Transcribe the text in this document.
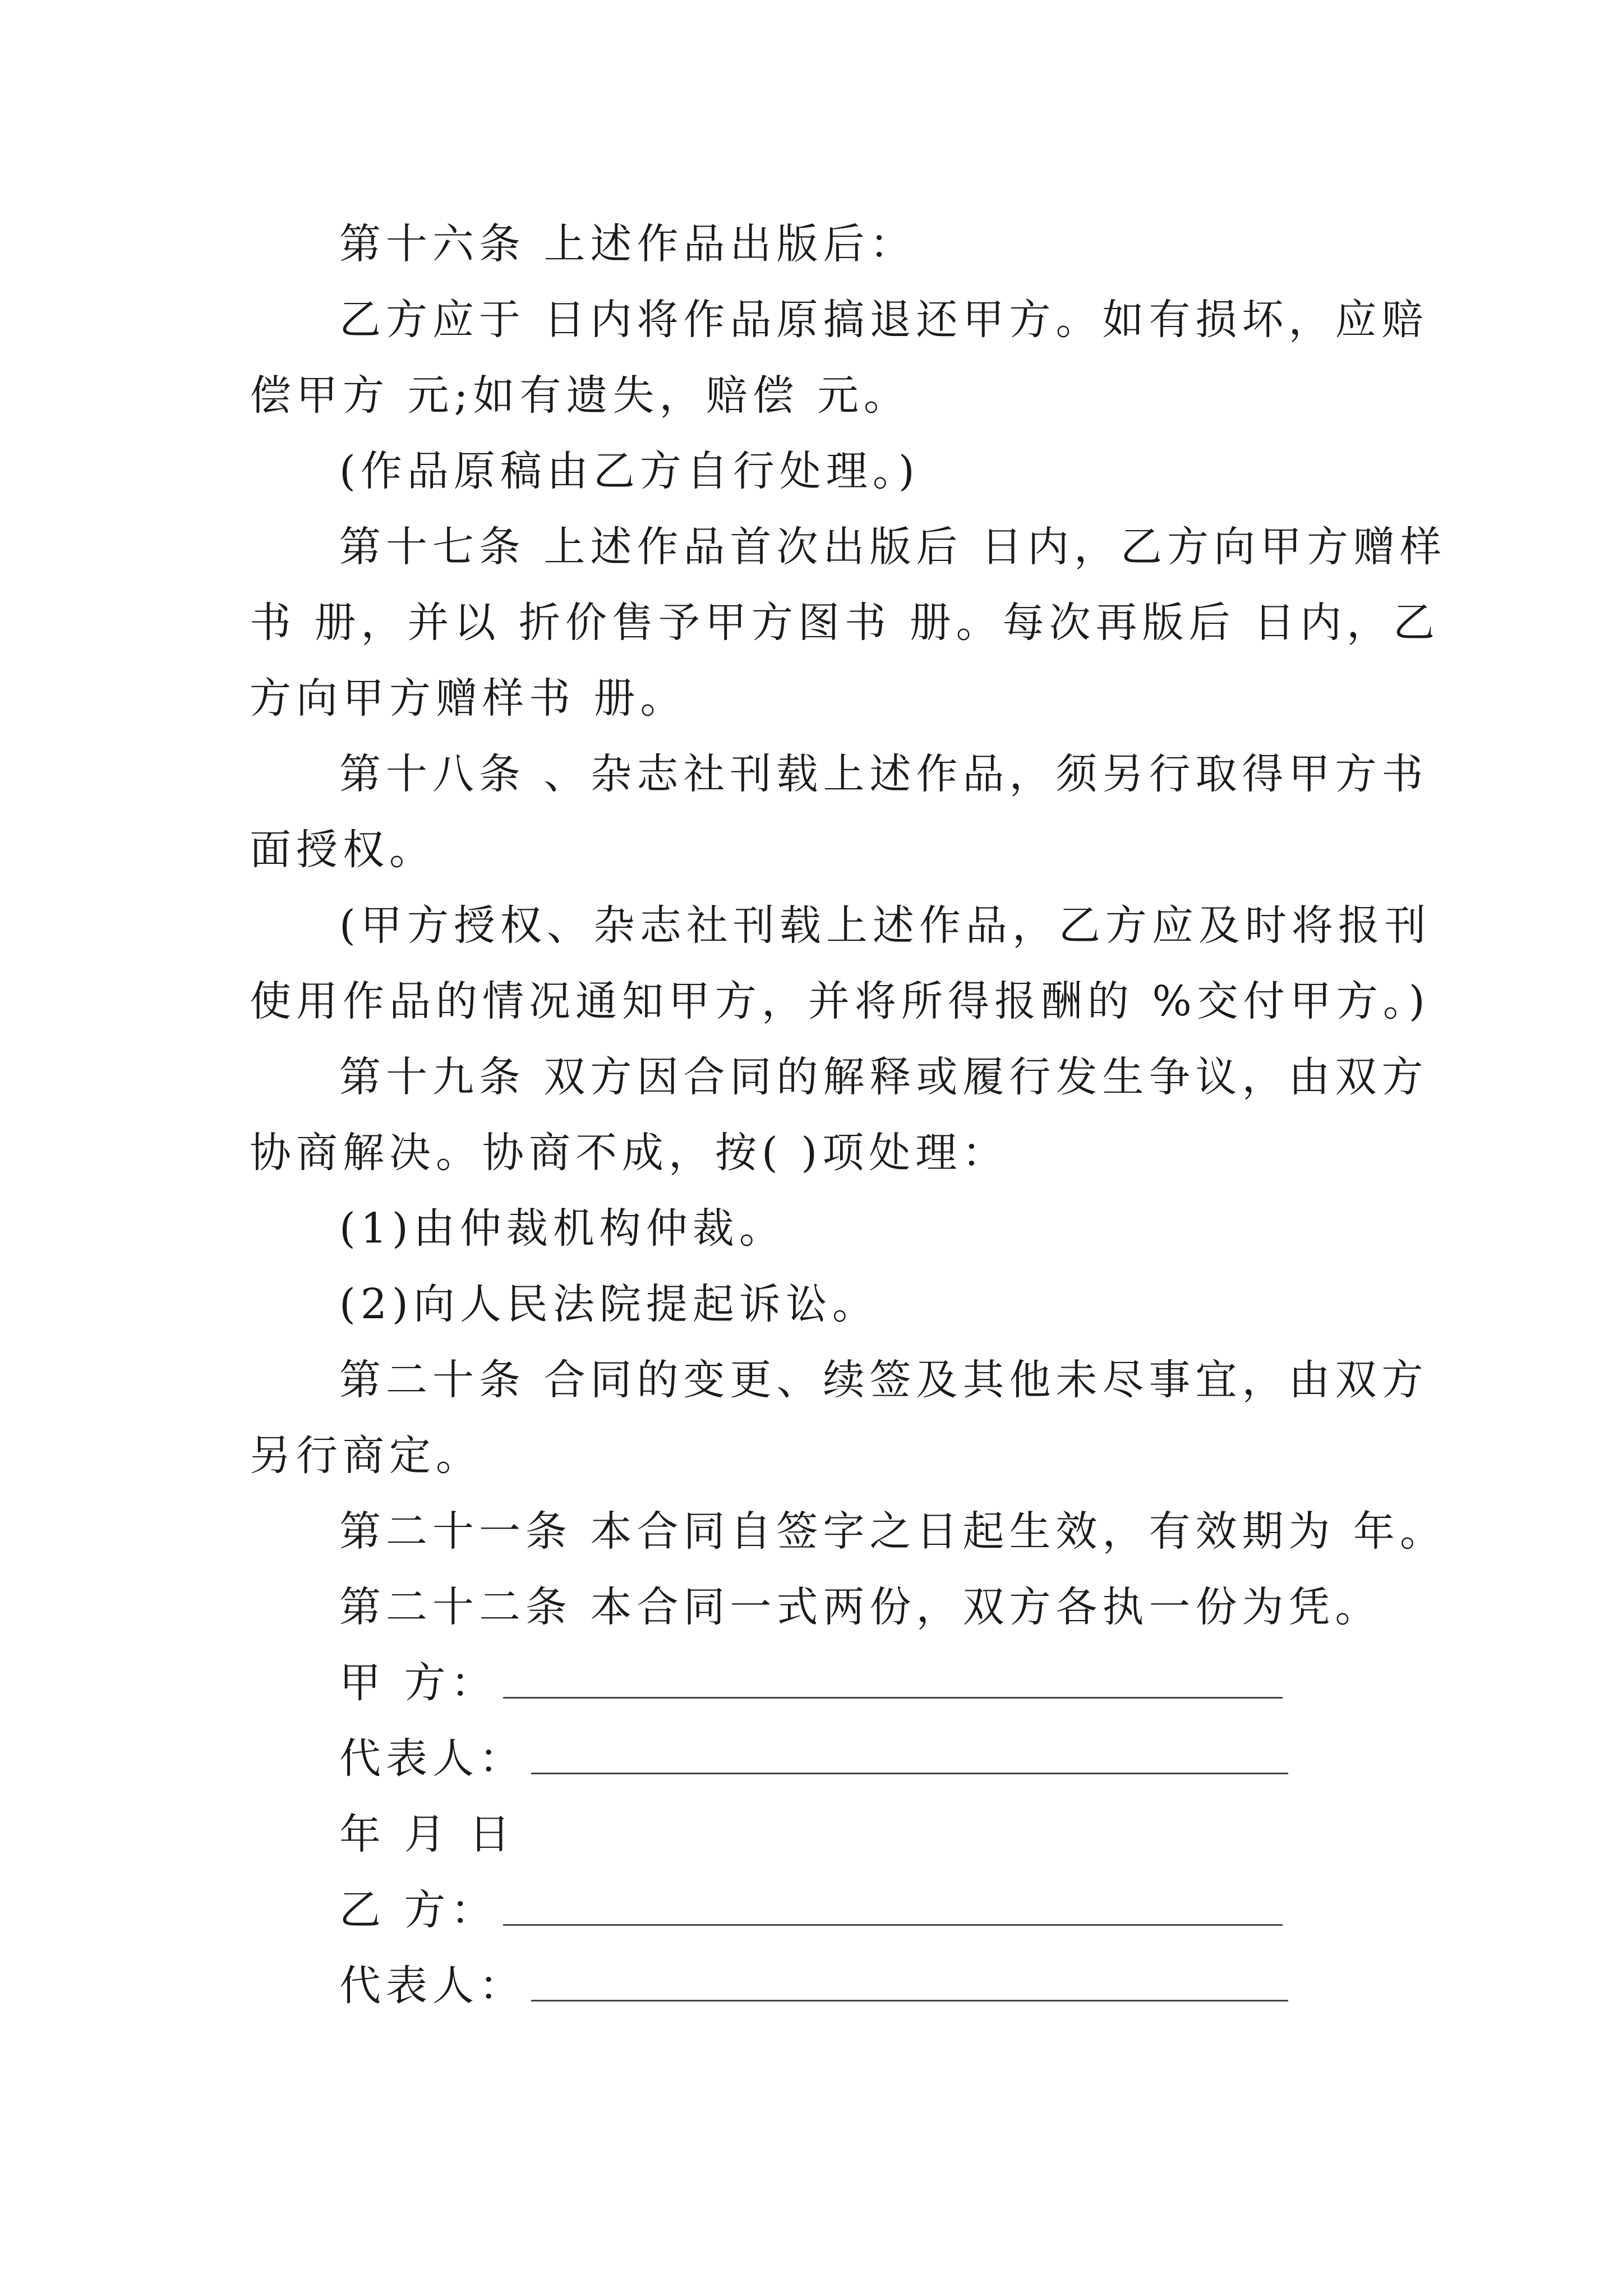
第十六条 上述作品出版后：
乙方应于 日内将作品原搞退还甲方。如有损坏，应赔
偿甲方 元;如有遗失，赔偿 元。
(作品原稿由乙方自行处理。)
第十七条 上述作品首次出版后 日内，乙方向甲方赠样
书 册，并以 折价售予甲方图书 册。每次再版后 日内，乙
方向甲方赠样书 册。
第十八条 、杂志社刊载上述作品，须另行取得甲方书
面授权。
(甲方授权、杂志社刊载上述作品，乙方应及时将报刊
使用作品的情况通知甲方，并将所得报酬的 %交付甲方。)
第十九条 双方因合同的解释或履行发生争议，由双方
协商解决。协商不成，按( )项处理：
(1)由仲裁机构仲裁。
(2)向人民法院提起诉讼。
第二十条 合同的变更、续签及其他未尽事宜，由双方
另行商定。
第二十一条 本合同自签字之日起生效，有效期为 年。
第二十二条 本合同一式两份，双方各执一份为凭。
甲 方：
代表人：
年 月 日
乙 方：
代表人：
